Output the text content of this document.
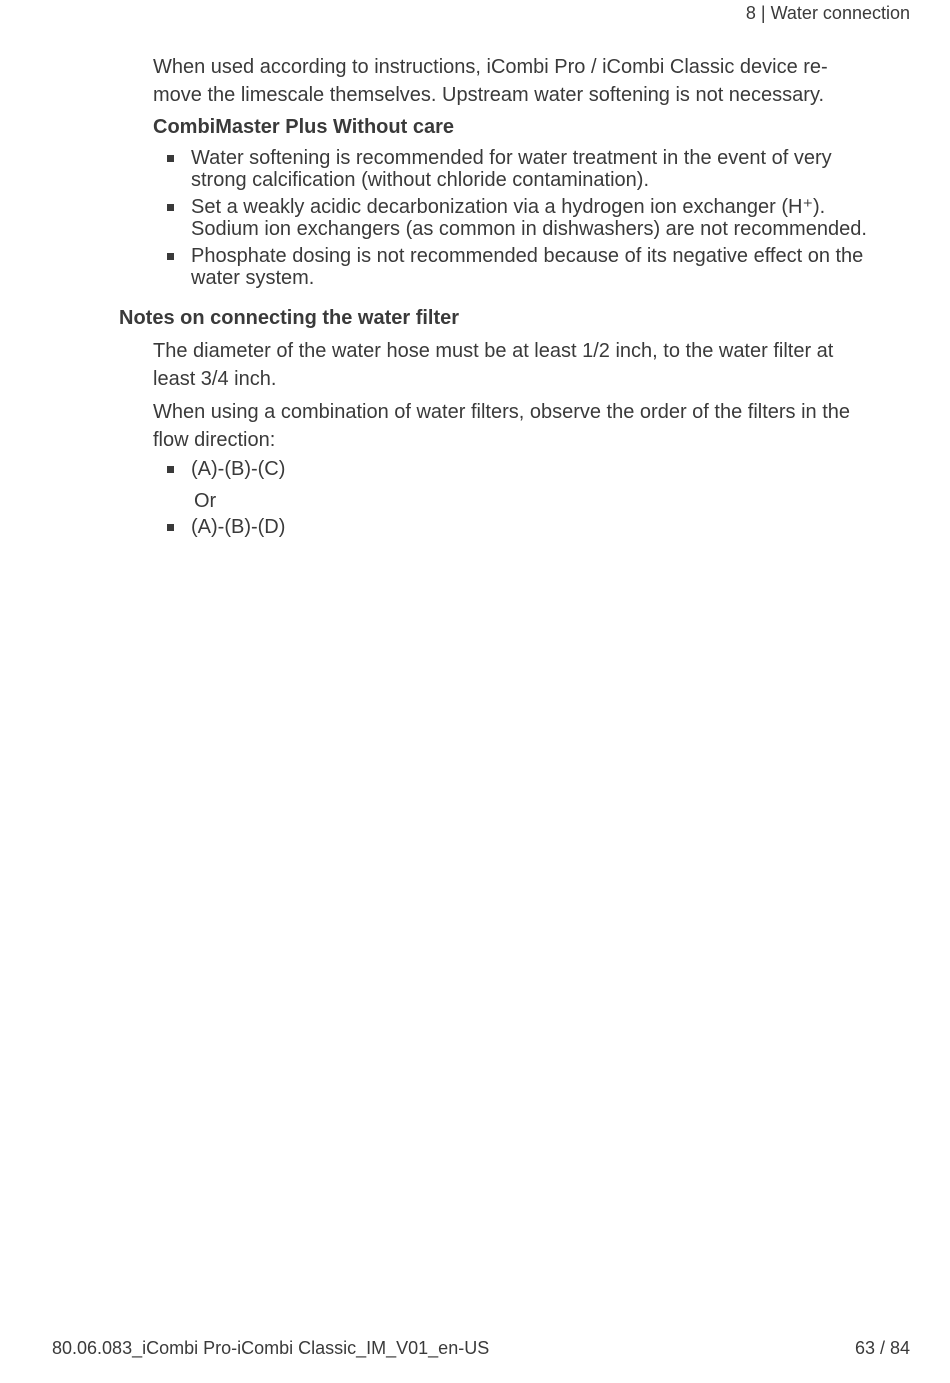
8 | Water connection

When used according to instructions, iCombi Pro / iCombi Classic device re-

move the limescale themselves. Upstream water softening is not necessary.

CombiMaster Plus Without care
Water softening is recommended for water treatment in the event of very
strong calcification (without chloride contamination).
Set a weakly acidic decarbonization via a hydrogen ion exchanger (H⁺).
Sodium ion exchangers (as common in dishwashers) are not recommended.
Phosphate dosing is not recommended because of its negative effect on the
water system.
Notes on connecting the water filter

The diameter of the water hose must be at least 1/2 inch, to the water filter at

least 3/4 inch.

When using a combination of water filters, observe the order of the filters in the

flow direction:

(A)-(B)-(C)
Or
(A)-(B)-(D)
80.06.083_iCombi Pro-iCombi Classic_IM_V01_en-US	63 / 84
